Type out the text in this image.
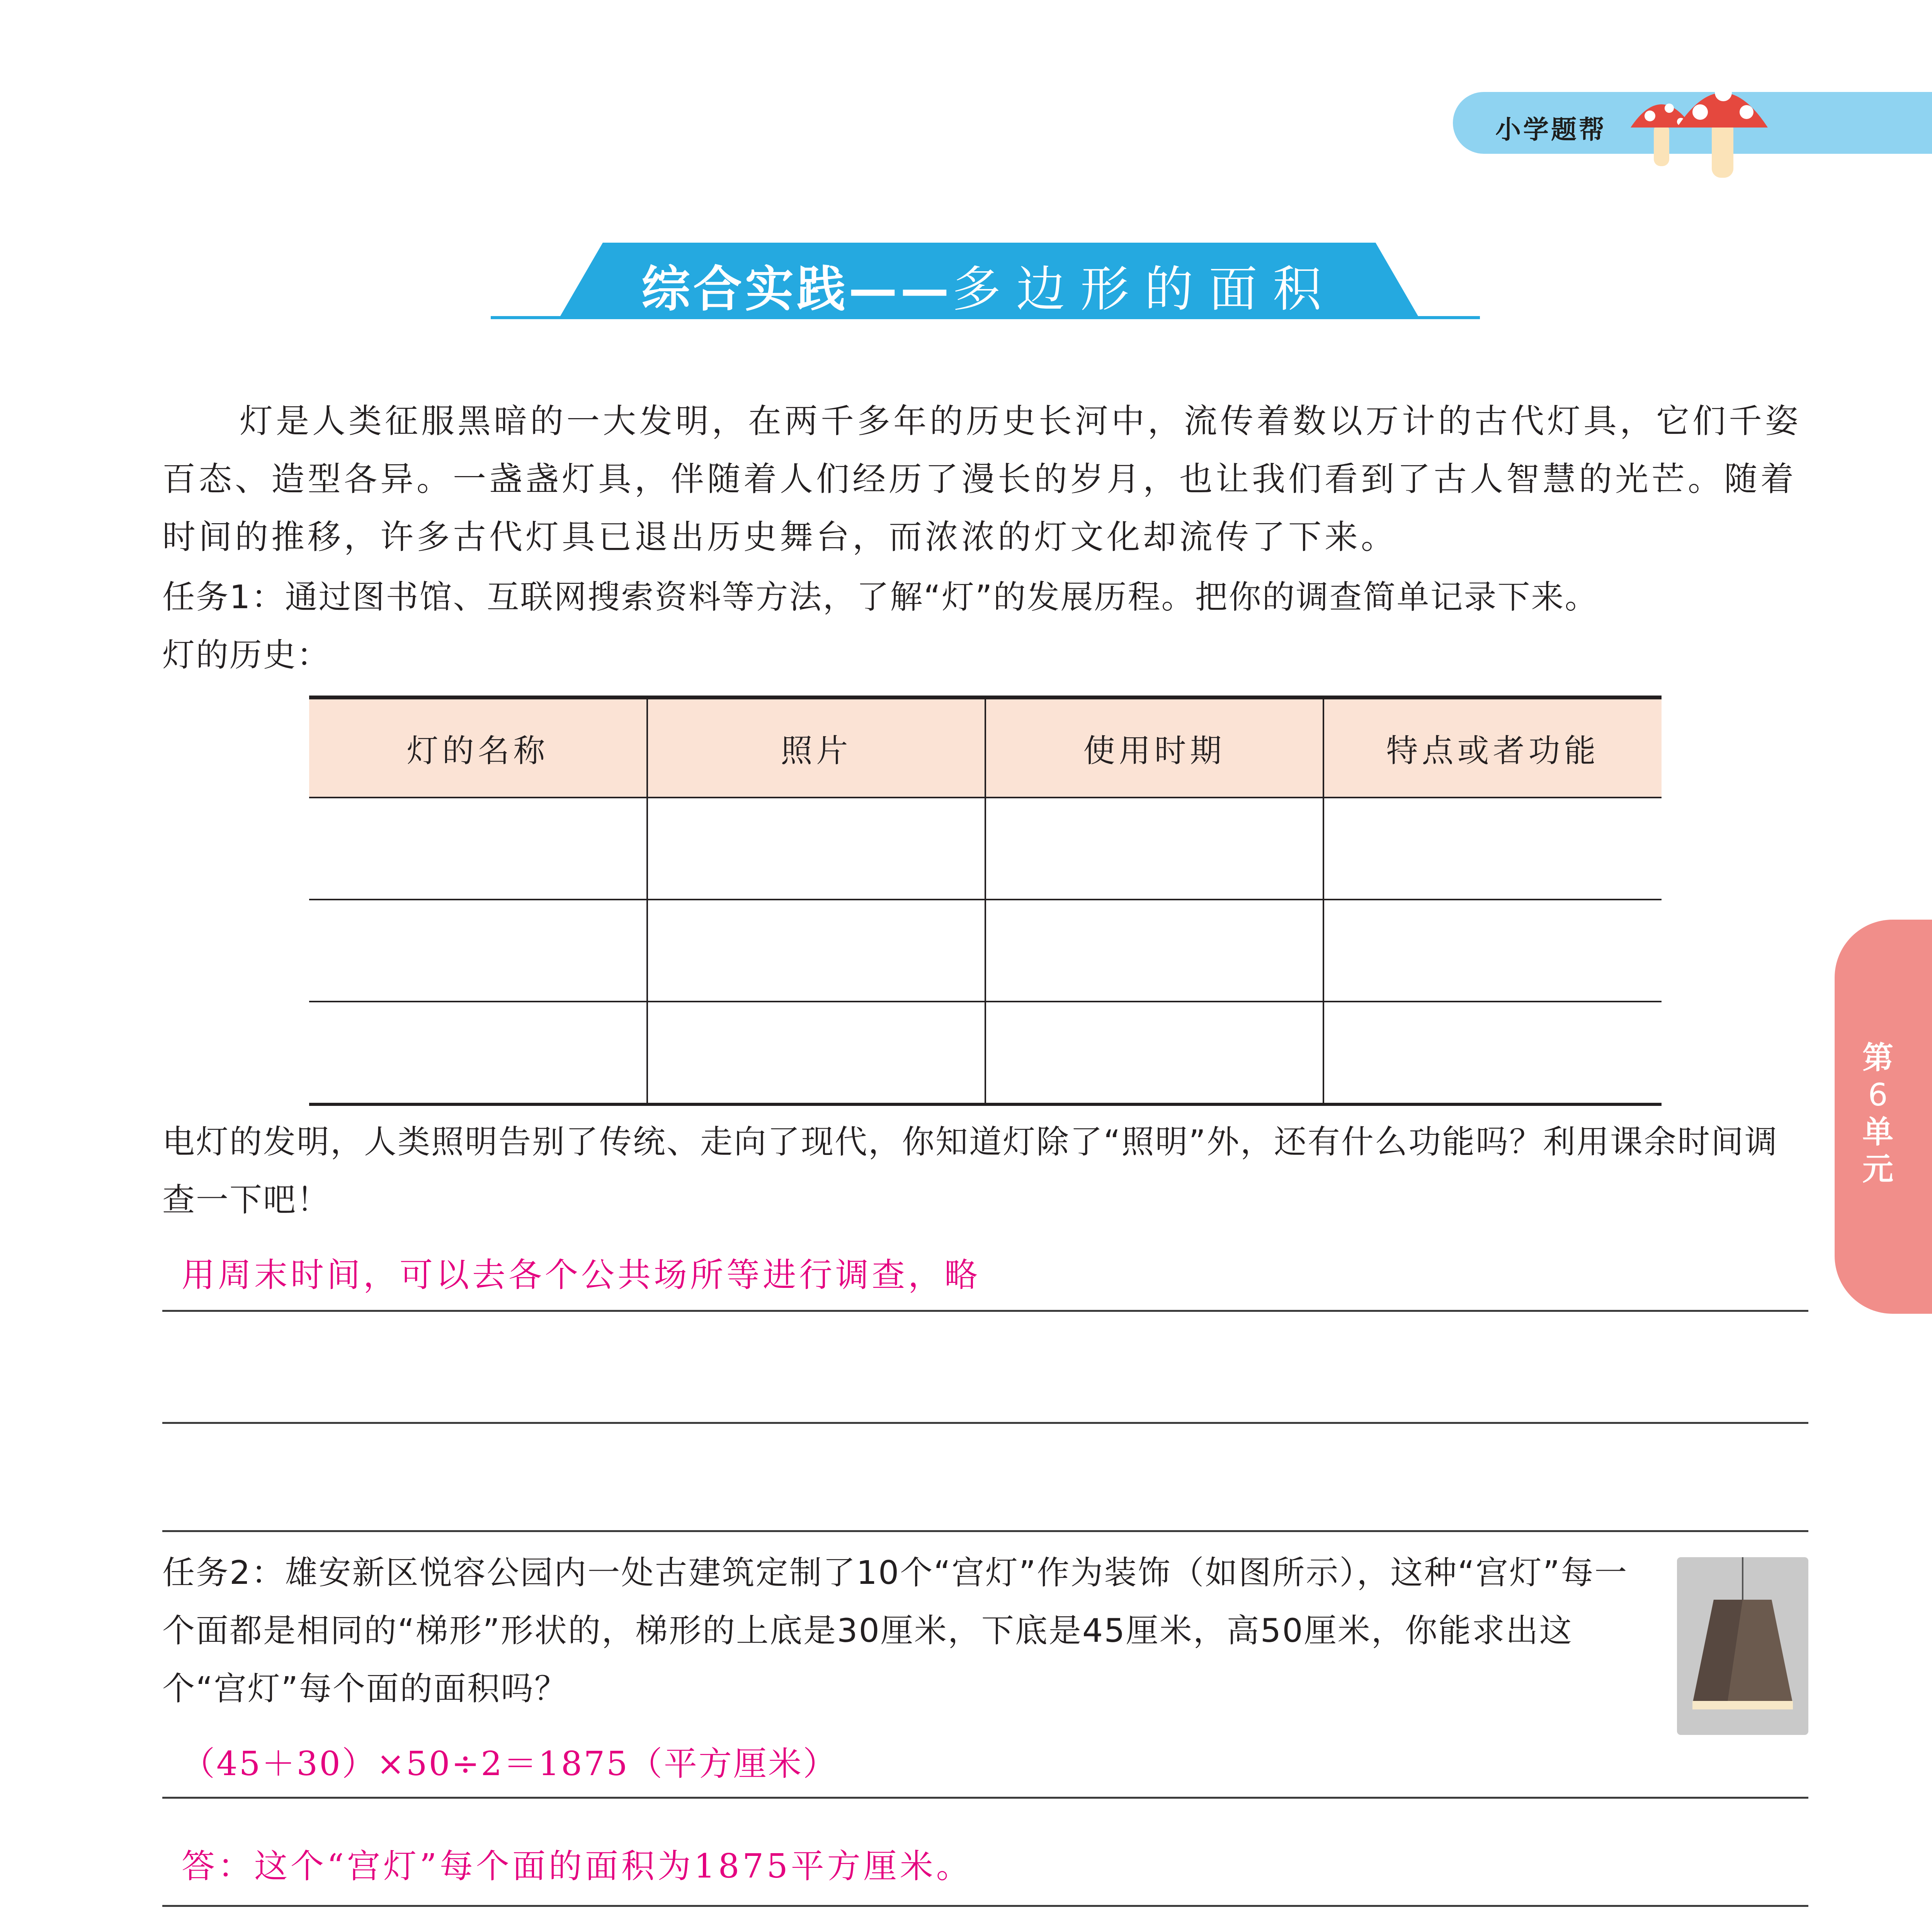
小学题帮
综合实践——多边形的面积
灯是人类征服黑暗的一大发明，在两千多年的历史长河中，流传着数以万计的古代灯具，它们千姿百态、造型各异。一盏盏灯具，伴随着人们经历了漫长的岁月，也让我们看到了古人智慧的光芒。随着时间的推移，许多古代灯具已退出历史舞台，而浓浓的灯文化却流传了下来。
任务1：通过图书馆、互联网搜索资料等方法，了解“灯”的发展历程。把你的调查简单记录下来。
灯的历史：
灯的名称	照片	使用时期	特点或者功能

电灯的发明，人类照明告别了传统、走向了现代，你知道灯除了“照明”外，还有什么功能吗？利用课余时间调查一下吧！
用周末时间，可以去各个公共场所等进行调查，略
第
6
单
元
任务2：雄安新区悦容公园内一处古建筑定制了10个“宫灯”作为装饰（如图所示），这种“宫灯”每一个面都是相同的“梯形”形状的，梯形的上底是30厘米，下底是45厘米，高50厘米，你能求出这个“宫灯”每个面的面积吗？
（45＋30）×50÷2＝1875（平方厘米）
答：这个“宫灯”每个面的面积为1875平方厘米。
